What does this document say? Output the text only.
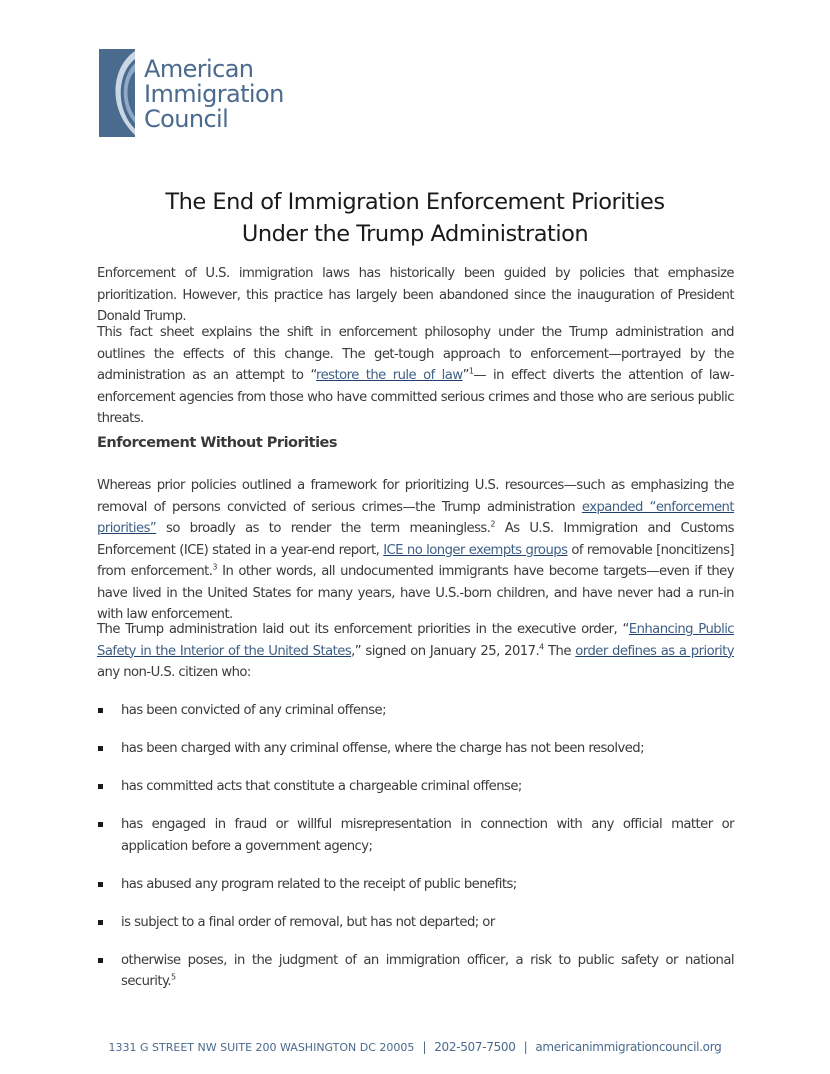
American
Immigration
Council
The End of Immigration Enforcement Priorities
Under the Trump Administration
Enforcement of U.S. immigration laws has historically been guided by policies that emphasize prioritization. However, this practice has largely been abandoned since the inauguration of President Donald Trump.
This fact sheet explains the shift in enforcement philosophy under the Trump administration and outlines the effects of this change. The get-tough approach to enforcement—portrayed by the administration as an attempt to “restore the rule of law”$^1$— in effect diverts the attention of law-enforcement agencies from those who have committed serious crimes and those who are serious public threats.
Enforcement Without Priorities
Whereas prior policies outlined a framework for prioritizing U.S. resources—such as emphasizing the removal of persons convicted of serious crimes—the Trump administration expanded “enforcement priorities” so broadly as to render the term meaningless.$^2$ As U.S. Immigration and Customs Enforcement (ICE) stated in a year-end report, ICE no longer exempts groups of removable [noncitizens] from enforcement.$^3$ In other words, all undocumented immigrants have become targets—even if they have lived in the United States for many years, have U.S.-born children, and have never had a run-in with law enforcement.
The Trump administration laid out its enforcement priorities in the executive order, “Enhancing Public Safety in the Interior of the United States,” signed on January 25, 2017.$^4$ The order defines as a priority any non-U.S. citizen who:
has been convicted of any criminal offense;
has been charged with any criminal offense, where the charge has not been resolved;
has committed acts that constitute a chargeable criminal offense;
has engaged in fraud or willful misrepresentation in connection with any official matter or application before a government agency;
has abused any program related to the receipt of public benefits;
is subject to a final order of removal, but has not departed; or
otherwise poses, in the judgment of an immigration officer, a risk to public safety or national security.$^5$
1331 G STREET NW SUITE 200 WASHINGTON DC 20005 | 202-507-7500 | americanimmigrationcouncil.org
